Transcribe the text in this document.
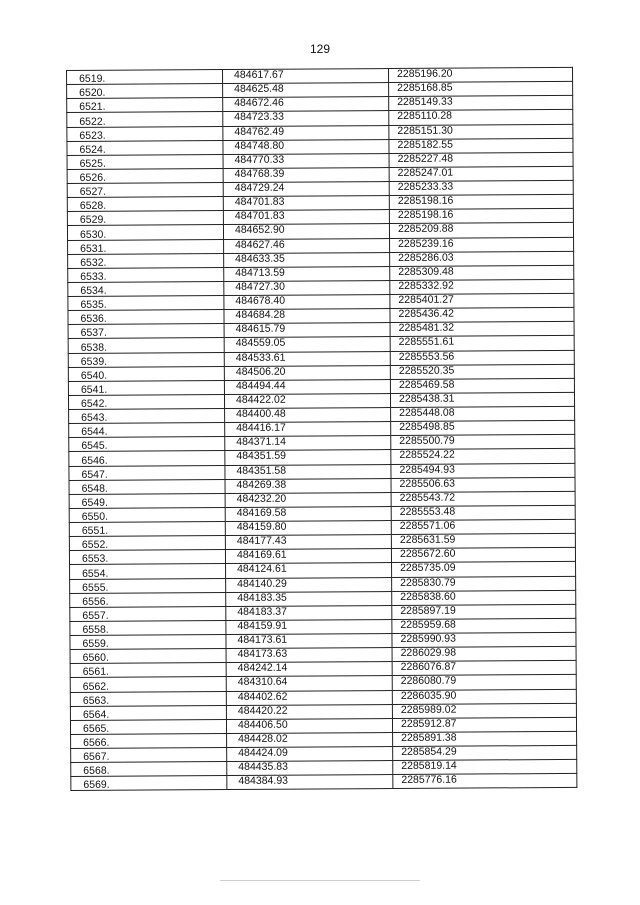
129
6519.	484617.67	2285196.20
6520.	484625.48	2285168.85
6521.	484672.46	2285149.33
6522.	484723.33	2285110.28
6523.	484762.49	2285151.30
6524.	484748.80	2285182.55
6525.	484770.33	2285227.48
6526.	484768.39	2285247.01
6527.	484729.24	2285233.33
6528.	484701.83	2285198.16
6529.	484701.83	2285198.16
6530.	484652.90	2285209.88
6531.	484627.46	2285239.16
6532.	484633.35	2285286.03
6533.	484713.59	2285309.48
6534.	484727.30	2285332.92
6535.	484678.40	2285401.27
6536.	484684.28	2285436.42
6537.	484615.79	2285481.32
6538.	484559.05	2285551.61
6539.	484533.61	2285553.56
6540.	484506.20	2285520.35
6541.	484494.44	2285469.58
6542.	484422.02	2285438.31
6543.	484400.48	2285448.08
6544.	484416.17	2285498.85
6545.	484371.14	2285500.79
6546.	484351.59	2285524.22
6547.	484351.58	2285494.93
6548.	484269.38	2285506.63
6549.	484232.20	2285543.72
6550.	484169.58	2285553.48
6551.	484159.80	2285571.06
6552.	484177.43	2285631.59
6553.	484169.61	2285672.60
6554.	484124.61	2285735.09
6555.	484140.29	2285830.79
6556.	484183.35	2285838.60
6557.	484183.37	2285897.19
6558.	484159.91	2285959.68
6559.	484173.61	2285990.93
6560.	484173.63	2286029.98
6561.	484242.14	2286076.87
6562.	484310.64	2286080.79
6563.	484402.62	2286035.90
6564.	484420.22	2285989.02
6565.	484406.50	2285912.87
6566.	484428.02	2285891.38
6567.	484424.09	2285854.29
6568.	484435.83	2285819.14
6569.	484384.93	2285776.16
